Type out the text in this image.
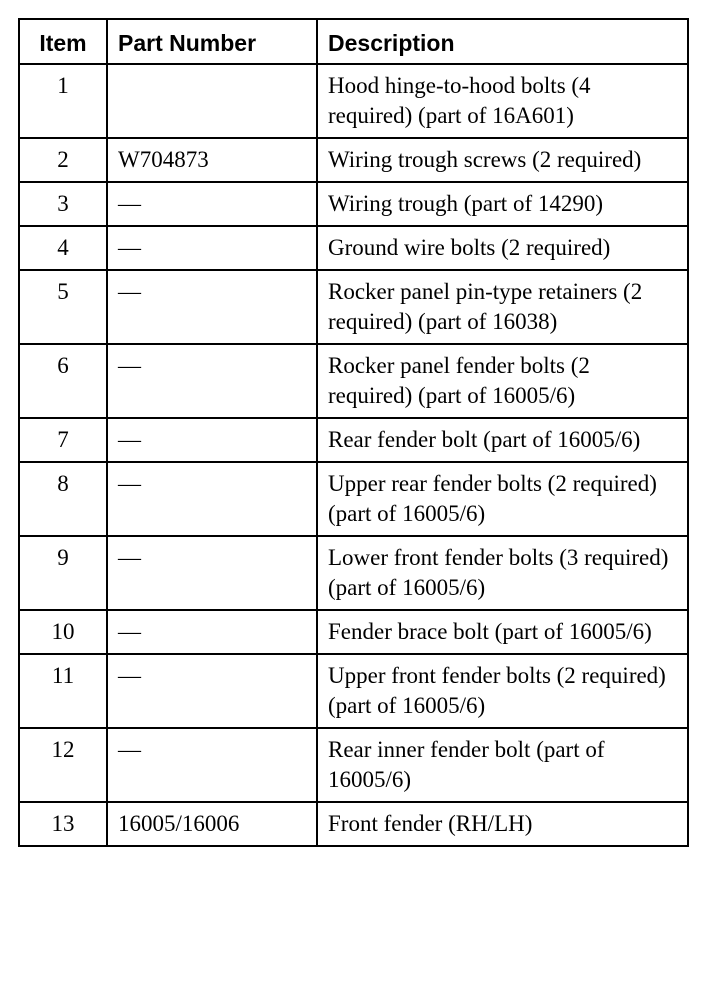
Item	Part Number	Description
1		Hood hinge-to-hood bolts (4 required) (part of 16A601)
2	W704873	Wiring trough screws (2 required)
3	—	Wiring trough (part of 14290)
4	—	Ground wire bolts (2 required)
5	—	Rocker panel pin-type retainers (2 required) (part of 16038)
6	—	Rocker panel fender bolts (2 required) (part of 16005/6)
7	—	Rear fender bolt (part of 16005/6)
8	—	Upper rear fender bolts (2 required) (part of 16005/6)
9	—	Lower front fender bolts (3 required) (part of 16005/6)
10	—	Fender brace bolt (part of 16005/6)
11	—	Upper front fender bolts (2 required) (part of 16005/6)
12	—	Rear inner fender bolt (part of 16005/6)
13	16005/16006	Front fender (RH/LH)
